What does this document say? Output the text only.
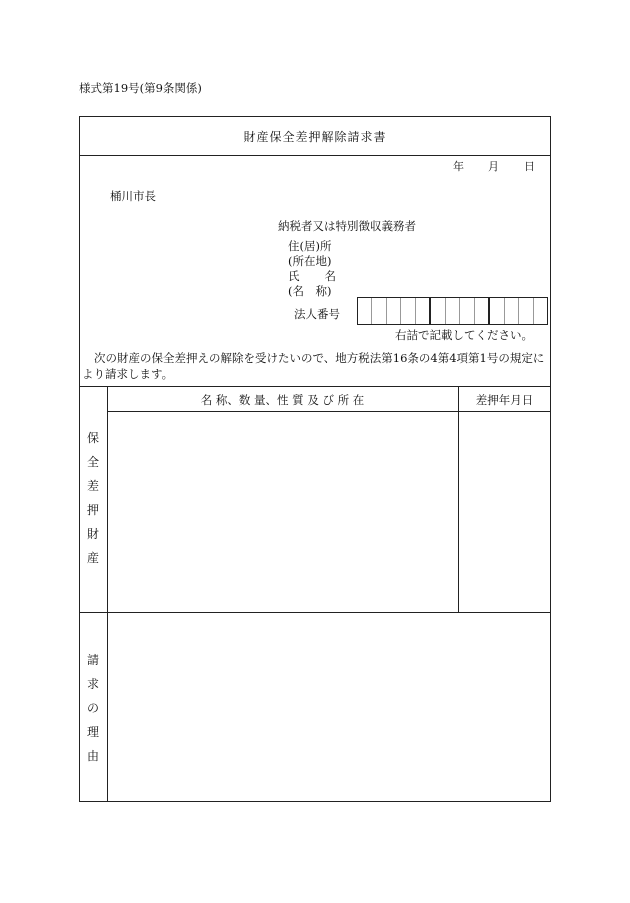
様式第19号(第9条関係)
財産保全差押解除請求書
年 月 日
桶川市長
納税者又は特別徴収義務者
住(居)所
(所在地)
氏 名
(名　称)
法人番号
右詰で記載してください。
次の財産の保全差押えの解除を受けたいので、地方税法第16条の4第4項第1号の規定により請求します。
名 称、数 量、性 質 及 び 所 在	差押年月日
保
全
差
押
財
産
請
求
の
理
由
